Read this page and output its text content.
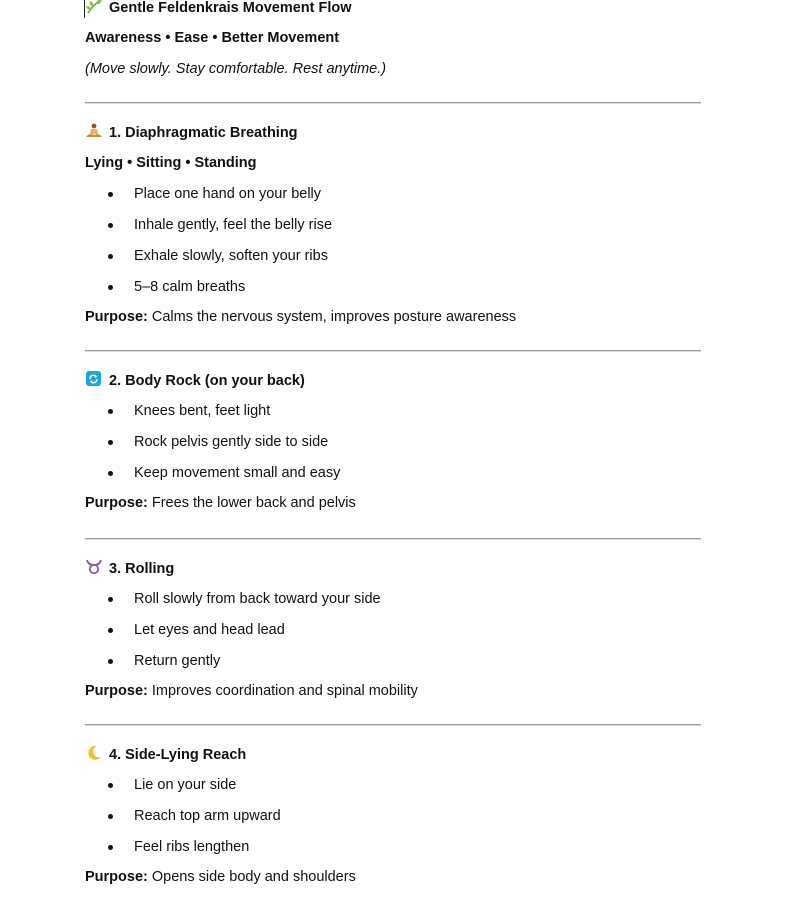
Gentle Feldenkrais Movement Flow
Awareness • Ease • Better Movement
(Move slowly. Stay comfortable. Rest anytime.)
1. Diaphragmatic Breathing
Lying • Sitting • Standing
Place one hand on your belly
Inhale gently, feel the belly rise
Exhale slowly, soften your ribs
5–8 calm breaths
Purpose: Calms the nervous system, improves posture awareness
2. Body Rock (on your back)
Knees bent, feet light
Rock pelvis gently side to side
Keep movement small and easy
Purpose: Frees the lower back and pelvis
3. Rolling
Roll slowly from back toward your side
Let eyes and head lead
Return gently
Purpose: Improves coordination and spinal mobility
4. Side-Lying Reach
Lie on your side
Reach top arm upward
Feel ribs lengthen
Purpose: Opens side body and shoulders
